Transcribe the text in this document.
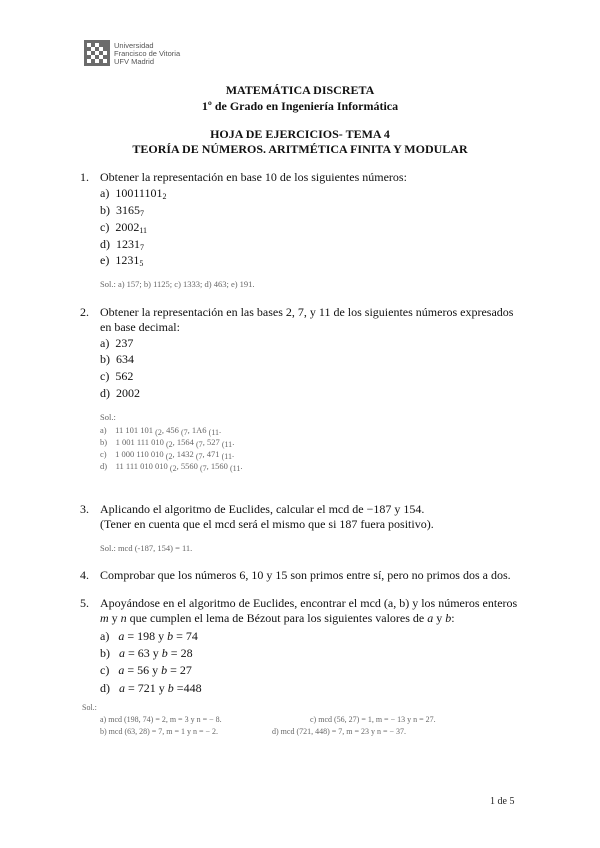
Universidad
Francisco de Vitoria
UFV Madrid
MATEMÁTICA DISCRETA
1º de Grado en Ingeniería Informática
HOJA DE EJERCICIOS- TEMA 4
TEORÍA DE NÚMEROS. ARITMÉTICA FINITA Y MODULAR
1. Obtener la representación en base 10 de los siguientes números:
a) $10011101_2$
b) $3165_7$
c) $2002_{11}$
d) $1231_7$
e) $1231_5$
Sol.: a) 157; b) 1125; c) 1333; d) 463; e) 191.
2. Obtener la representación en las bases 2, 7, y 11 de los siguientes números expresados
en base decimal:
a) 237
b) 634
c) 562
d) 2002
Sol.:
a) 11 101 101 (2, 456 (7, 1A6 (11.
b) 1 001 111 010 (2, 1564 (7, 527 (11.
c) 1 000 110 010 (2, 1432 (7, 471 (11.
d) 11 111 010 010 (2, 5560 (7, 1560 (11.
3. Aplicando el algoritmo de Euclides, calcular el mcd de −187 y 154.
(Tener en cuenta que el mcd será el mismo que si 187 fuera positivo).
Sol.: mcd (-187, 154) = 11.
4. Comprobar que los números 6, 10 y 15 son primos entre sí, pero no primos dos a dos.
5. Apoyándose en el algoritmo de Euclides, encontrar el mcd (a, b) y los números enteros
m y n que cumplen el lema de Bézout para los siguientes valores de a y b:
a) a = 198 y b = 74
b) a = 63 y b = 28
c) a = 56 y b = 27
d) a = 721 y b =448
Sol.:
a) mcd (198, 74) = 2, m = 3 y n = − 8.	c) mcd (56, 27) = 1, m = − 13 y n = 27.
b) mcd (63, 28) = 7, m = 1 y n = − 2.	d) mcd (721, 448) = 7, m = 23 y n = − 37.
1 de 5
